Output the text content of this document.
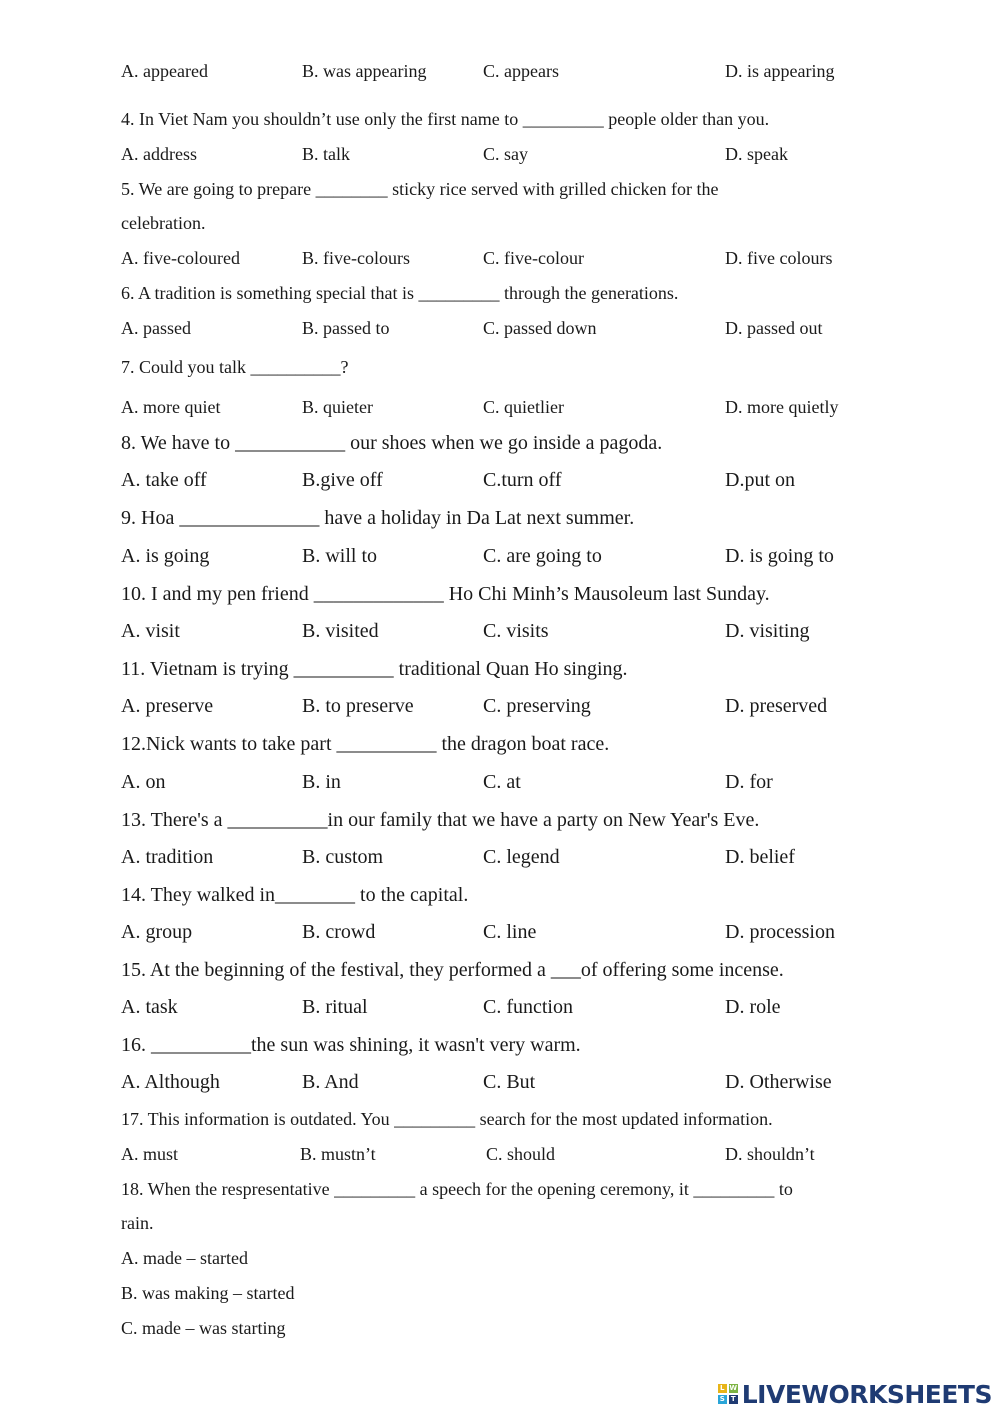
A. appeared	B. was appearing	C. appears	D. is appearing
4. In Viet Nam you shouldn’t use only the first name to _________ people older than you.
A. address	B. talk	C. say	D. speak
5. We are going to prepare ________ sticky rice served with grilled chicken for the
celebration.
A. five-coloured	B. five-colours	C. five-colour	D. five colours
6. A tradition is something special that is _________ through the generations.
A. passed	B. passed to	C. passed down	D. passed out
7. Could you talk __________?
A. more quiet	B. quieter	C. quietlier	D. more quietly
8. We have to ___________ our shoes when we go inside a pagoda.
A. take off	B.give off	C.turn off	D.put on
9. Hoa ______________ have a holiday in Da Lat next summer.
A. is going	B. will to	C. are going to	D. is going to
10. I and my pen friend _____________ Ho Chi Minh’s Mausoleum last Sunday.
A. visit	B. visited	C. visits	D. visiting
11. Vietnam is trying __________ traditional Quan Ho singing.
A. preserve	B. to preserve	C. preserving	D. preserved
12.Nick wants to take part __________ the dragon boat race.
A. on	B. in	C. at	D. for
13. There's a __________in our family that we have a party on New Year's Eve.
A. tradition	B. custom	C. legend	D. belief
14. They walked in________ to the capital.
A. group	B. crowd	C. line	D. procession
15. At the beginning of the festival, they performed a ___of offering some incense.
A. task	B. ritual	C. function	D. role
16. __________the sun was shining, it wasn't very warm.
A. Although	B. And	C. But	D. Otherwise
17. This information is outdated. You _________ search for the most updated information.
A. must	B. mustn’t	C. should	D. shouldn’t
18. When the respresentative _________ a speech for the opening ceremony, it _________ to
rain.
A. made – started
B. was making – started
C. made – was starting
L W
S T LIVEWORKSHEETS
